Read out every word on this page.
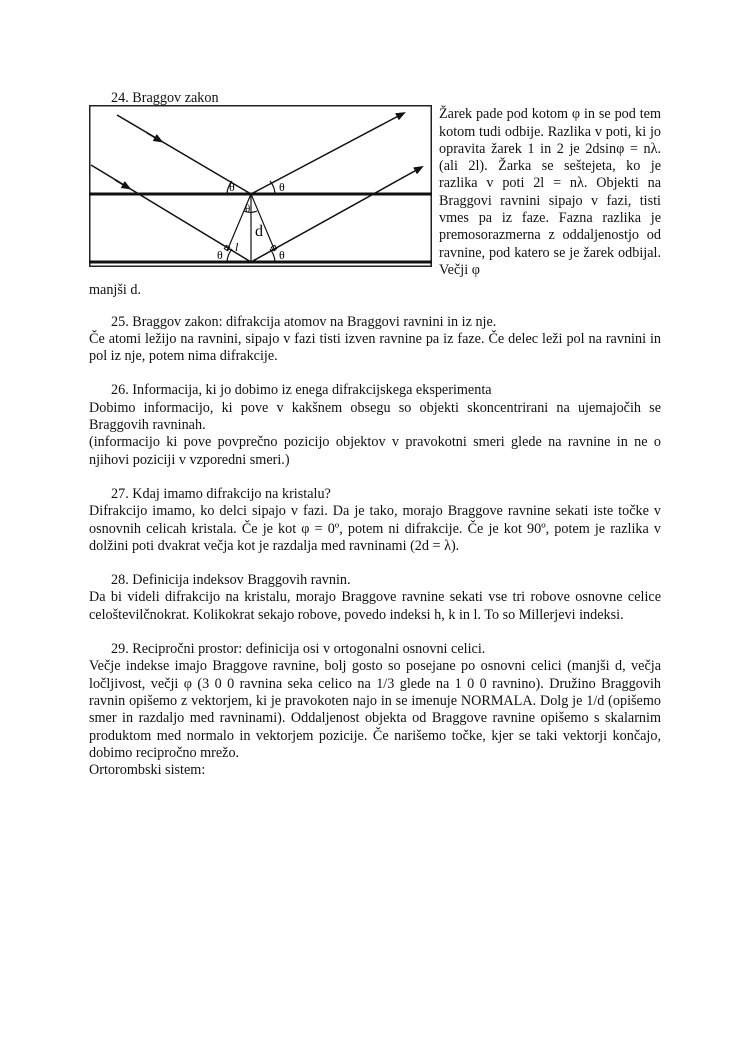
24. Braggov zakon

θ	θ
θ
d
l
θ	θ

Žarek pade pod kotom φ in se pod tem kotom tudi odbije. Razlika v poti, ki jo opravita žarek 1 in 2 je 2dsinφ = nλ. (ali 2l). Žarka se seštejeta, ko je razlika v poti 2l = nλ. Objekti na Braggovi ravnini sipajo v fazi, tisti vmes pa iz faze. Fazna razlika je premosorazmerna z oddaljenostjo od ravnine, pod katero se je žarek odbijal. Večji φ

manjši d.

25. Braggov zakon: difrakcija atomov na Braggovi ravnini in iz nje.

Če atomi ležijo na ravnini, sipajo v fazi tisti izven ravnine pa iz faze. Če delec leži pol na ravnini in pol iz nje, potem nima difrakcije.

26. Informacija, ki jo dobimo iz enega difrakcijskega eksperimenta

Dobimo informacijo, ki pove v kakšnem obsegu so objekti skoncentrirani na ujemajočih se Braggovih ravninah.

(informacijo ki pove povprečno pozicijo objektov v pravokotni smeri glede na ravnine in ne o njihovi poziciji v vzporedni smeri.)

27. Kdaj imamo difrakcijo na kristalu?

Difrakcijo imamo, ko delci sipajo v fazi. Da je tako, morajo Braggove ravnine sekati iste točke v osnovnih celicah kristala. Če je kot φ = 0º, potem ni difrakcije. Če je kot 90º, potem je razlika v dolžini poti dvakrat večja kot je razdalja med ravninami (2d = λ).

28. Definicija indeksov Braggovih ravnin.

Da bi videli difrakcijo na kristalu, morajo Braggove ravnine sekati vse tri robove osnovne celice celoštevilčnokrat. Kolikokrat sekajo robove, povedo indeksi h, k in l. To so Millerjevi indeksi.

29. Recipročni prostor: definicija osi v ortogonalni osnovni celici.

Večje indekse imajo Braggove ravnine, bolj gosto so posejane po osnovni celici (manjši d, večja ločljivost, večji φ (3 0 0 ravnina seka celico na 1/3 glede na 1 0 0 ravnino). Družino Braggovih ravnin opišemo z vektorjem, ki je pravokoten najo in se imenuje NORMALA. Dolg je 1/d (opišemo smer in razdaljo med ravninami). Oddaljenost objekta od Braggove ravnine opišemo s skalarnim produktom med normalo in vektorjem pozicije. Če narišemo točke, kjer se taki vektorji končajo, dobimo recipročno mrežo.

Ortorombski sistem:
